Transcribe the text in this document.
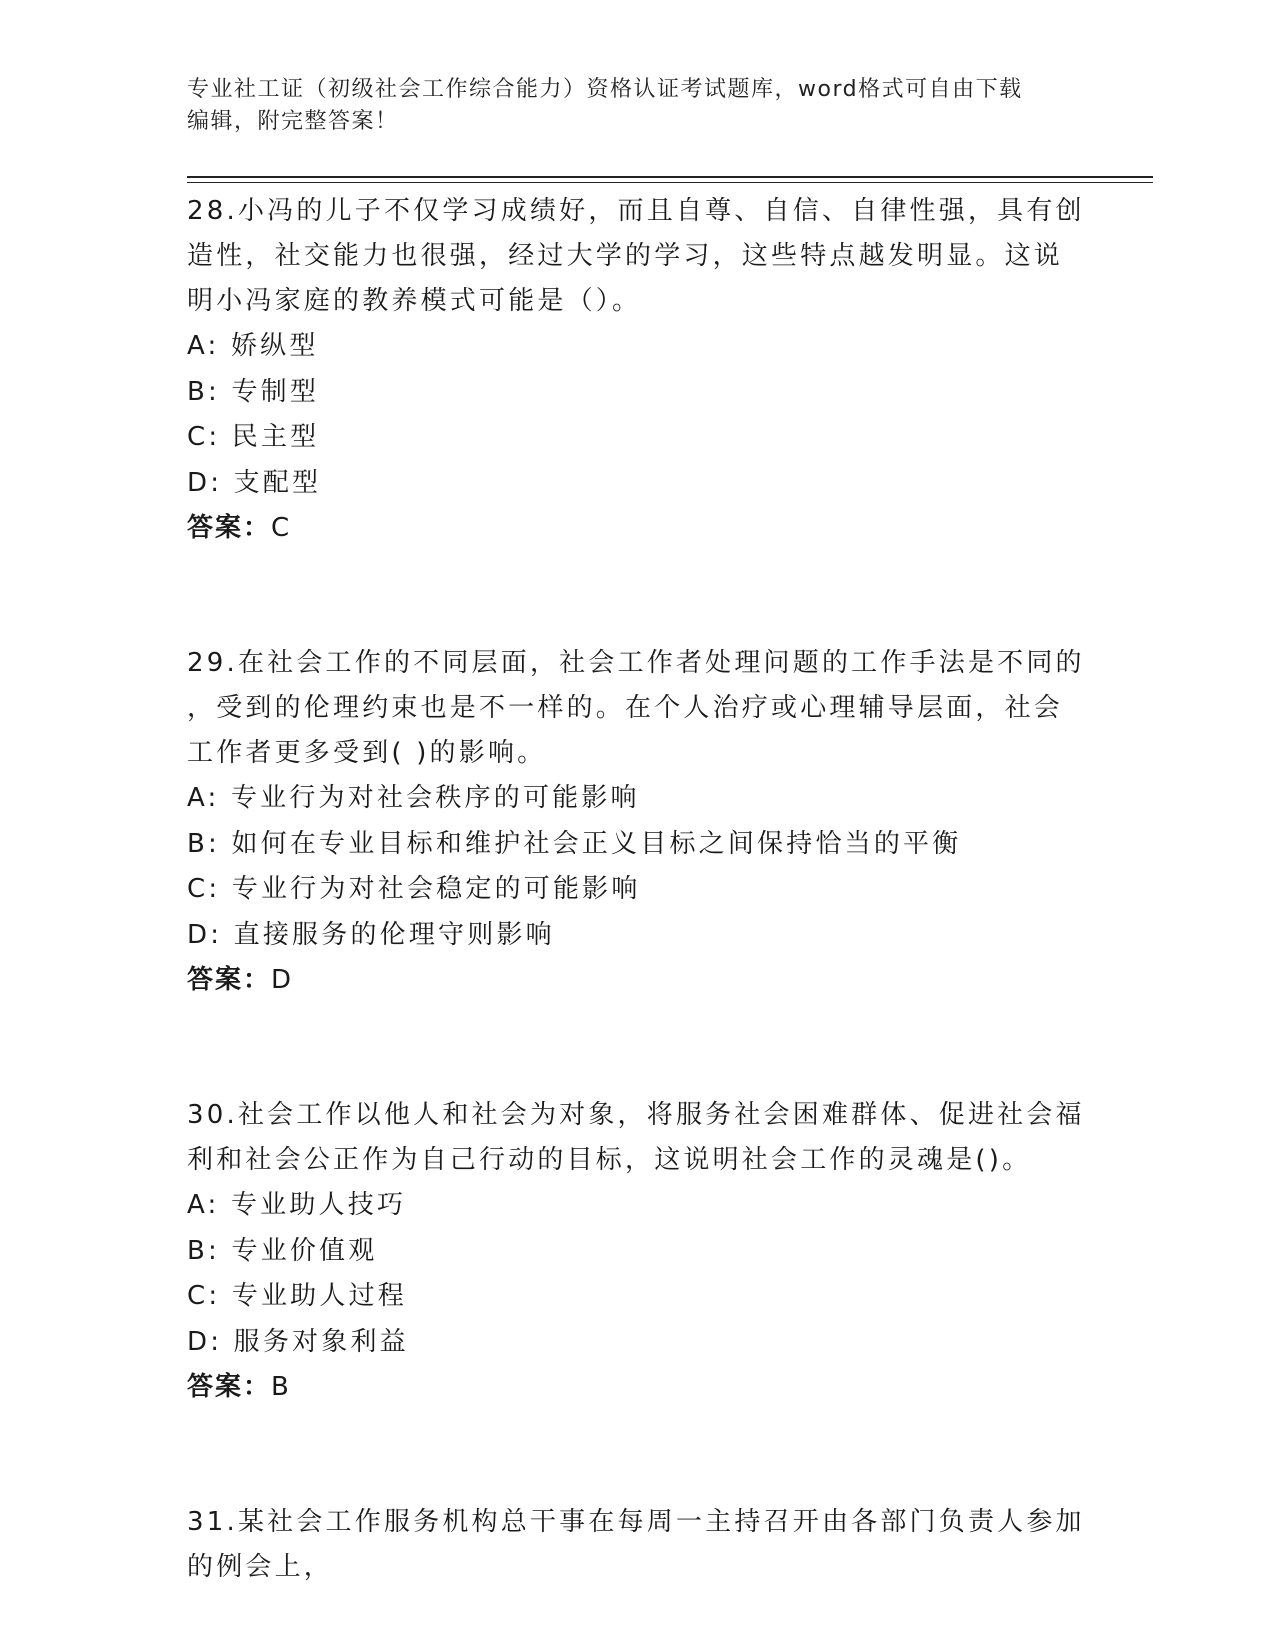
专业社工证（初级社会工作综合能力）资格认证考试题库，word格式可自由下载
编辑，附完整答案！

28.小冯的儿子不仅学习成绩好，而且自尊、自信、自律性强，具有创

造性，社交能力也很强，经过大学的学习，这些特点越发明显。这说

明小冯家庭的教养模式可能是（）。

A: 娇纵型

B: 专制型

C: 民主型

D: 支配型

答案：C

29.在社会工作的不同层面，社会工作者处理问题的工作手法是不同的

，受到的伦理约束也是不一样的。在个人治疗或心理辅导层面，社会

工作者更多受到( )的影响。

A: 专业行为对社会秩序的可能影响

B: 如何在专业目标和维护社会正义目标之间保持恰当的平衡

C: 专业行为对社会稳定的可能影响

D: 直接服务的伦理守则影响

答案：D

30.社会工作以他人和社会为对象，将服务社会困难群体、促进社会福

利和社会公正作为自己行动的目标，这说明社会工作的灵魂是()。

A: 专业助人技巧

B: 专业价值观

C: 专业助人过程

D: 服务对象利益

答案：B

31.某社会工作服务机构总干事在每周一主持召开由各部门负责人参加

的例会上，
